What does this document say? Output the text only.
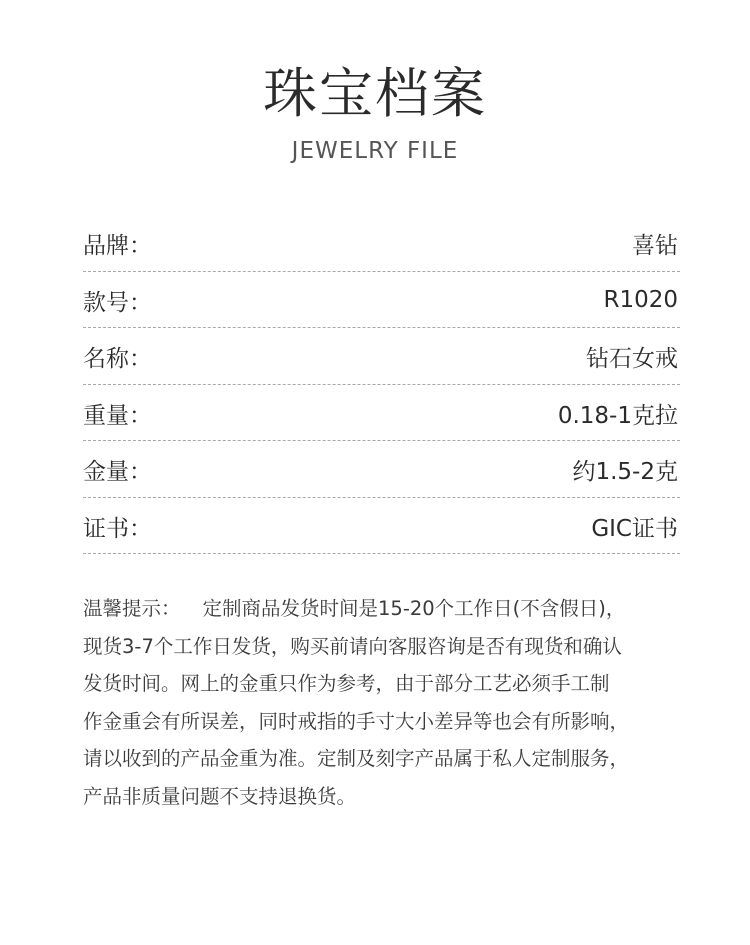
珠宝档案
JEWELRY FILE
品牌：	喜钻
款号：	R1020
名称：	钻石女戒
重量：	0.18-1克拉
金量：	约1.5-2克
证书：	GIC证书
温馨提示： 定制商品发货时间是15-20个工作日(不含假日)，
现货3-7个工作日发货，购买前请向客服咨询是否有现货和确认
发货时间。网上的金重只作为参考，由于部分工艺必须手工制
作金重会有所误差，同时戒指的手寸大小差异等也会有所影响，
请以收到的产品金重为准。定制及刻字产品属于私人定制服务，
产品非质量问题不支持退换货。
